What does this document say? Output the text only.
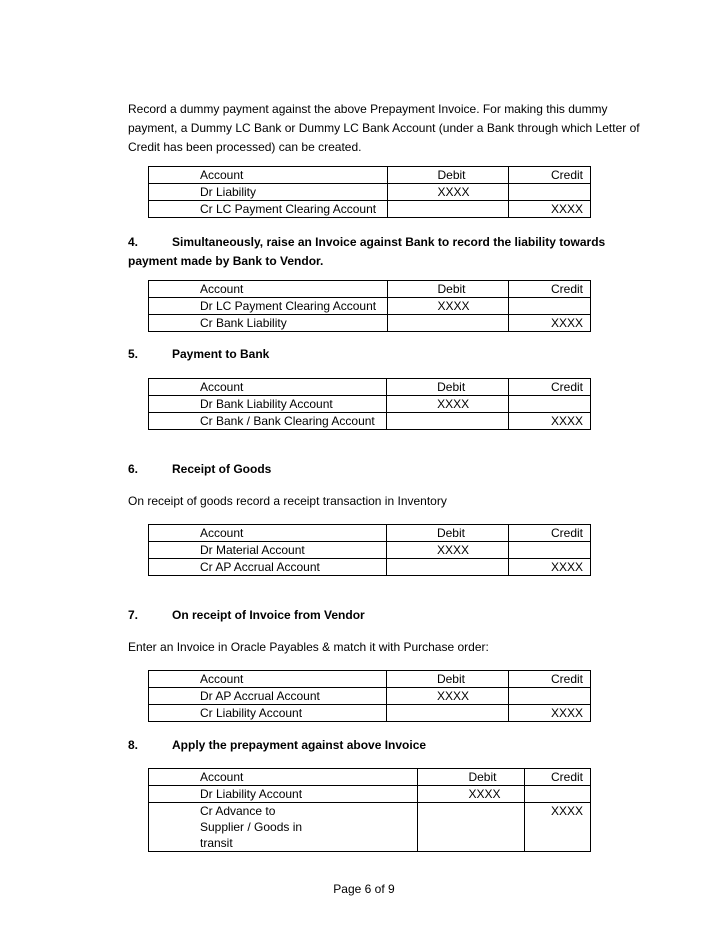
Record a dummy payment against the above Prepayment Invoice. For making this dummy payment, a Dummy LC Bank or Dummy LC Bank Account (under a Bank through which Letter of Credit has been processed) can be created.

Account	Debit	Credit
Dr Liability	XXXX	
Cr LC Payment Clearing Account		XXXX

4.	Simultaneously, raise an Invoice against Bank to record the liability towards payment made by Bank to Vendor.

Account	Debit	Credit
Dr LC Payment Clearing Account	XXXX	
Cr Bank Liability		XXXX

5.	Payment to Bank

Account	Debit	Credit
Dr Bank Liability Account	XXXX	
Cr Bank / Bank Clearing Account		XXXX

6.	Receipt of Goods

On receipt of goods record a receipt transaction in Inventory

Account	Debit	Credit
Dr Material Account	XXXX	
Cr AP Accrual Account		XXXX

7.	On receipt of Invoice from Vendor

Enter an Invoice in Oracle Payables & match it with Purchase order:

Account	Debit	Credit
Dr AP Accrual Account	XXXX	
Cr Liability Account		XXXX

8.	Apply the prepayment against above Invoice

Account	Debit	Credit
Dr Liability Account	XXXX	
Cr Advance to Supplier / Goods in transit		XXXX

Page 6 of 9
